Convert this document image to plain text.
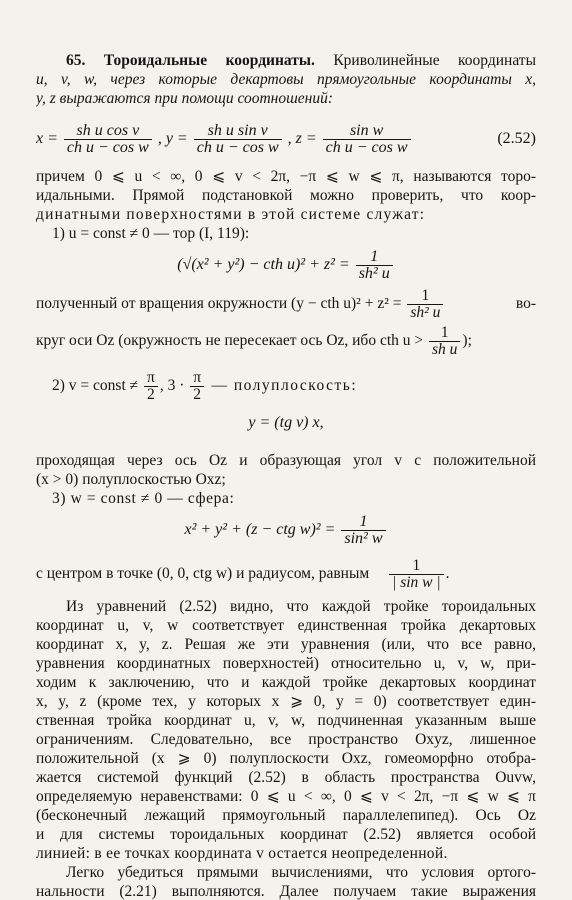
65. Тороидальные координаты. Криволинейные координаты
u, v, w, через которые декартовы прямоугольные координаты x,
y, z выражаются при помощи соотношений:
$x = \frac{\text{sh u cos v}}{\text{ch u − cos w}}$ , $y = \frac{\text{sh u sin v}}{\text{ch u − cos w}}$ , $z = \frac{\text{sin w}}{\text{ch u − cos w}}$	(2.52)
причем 0 ⩽ u < ∞, 0 ⩽ v < 2π, −π ⩽ w ⩽ π, называются торо-
идальными. Прямой подстановкой можно проверить, что коор-
динатными поверхностями в этой системе служат:
1) u = const ≠ 0 — тор (I, 119):
(√(x² + y²) − cth $u)^2 + z^2 = \frac{1}{\text{sh² u}}$
полученный от вращения окружности (y − cth $u)^2 + z^2 = \frac{1}{\text{sh² u}}$	во-
круг оси Oz (окружность не пересекает ось Oz, ибо cth $u > \frac{1}{\text{sh u}}$ );
2) v = const ≠ $\frac{\pi}{2}$ , $3 \cdot \frac{\pi}{2}$ — полуплоскость:
y = (tg v) x,
проходящая через ось Oz и образующая угол v с положительной
(x > 0) полуплоскостью Oxz;
3) w = const ≠ 0 — сфера:
x² + y² + (z − ctg $w)^2 = \frac{1}{\text{sin² w}}$
с центром в точке (0, 0, ctg w) и радиусом, равным $\frac{1}{\text{| sin w |}}$ .
Из уравнений (2.52) видно, что каждой тройке тороидальных
координат u, v, w соответствует единственная тройка декартовых
координат x, y, z. Решая же эти уравнения (или, что все равно,
уравнения координатных поверхностей) относительно u, v, w, при-
ходим к заключению, что и каждой тройке декартовых координат
x, y, z (кроме тех, у которых x ⩾ 0, y = 0) соответствует един-
ственная тройка координат u, v, w, подчиненная указанным выше
ограничениям. Следовательно, все пространство Oxyz, лишенное
положительной (x ⩾ 0) полуплоскости Oxz, гомеоморфно отобра-
жается системой функций (2.52) в область пространства Ouvw,
определяемую неравенствами: 0 ⩽ u < ∞, 0 ⩽ v < 2π, −π ⩽ w ⩽ π
(бесконечный лежащий прямоугольный параллелепипед). Ось Oz
и для системы тороидальных координат (2.52) является особой
линией: в ее точках координата v остается неопределенной.
Легко убедиться прямыми вычислениями, что условия ортого-
нальности (2.21) выполняются. Далее получаем такие выражения
